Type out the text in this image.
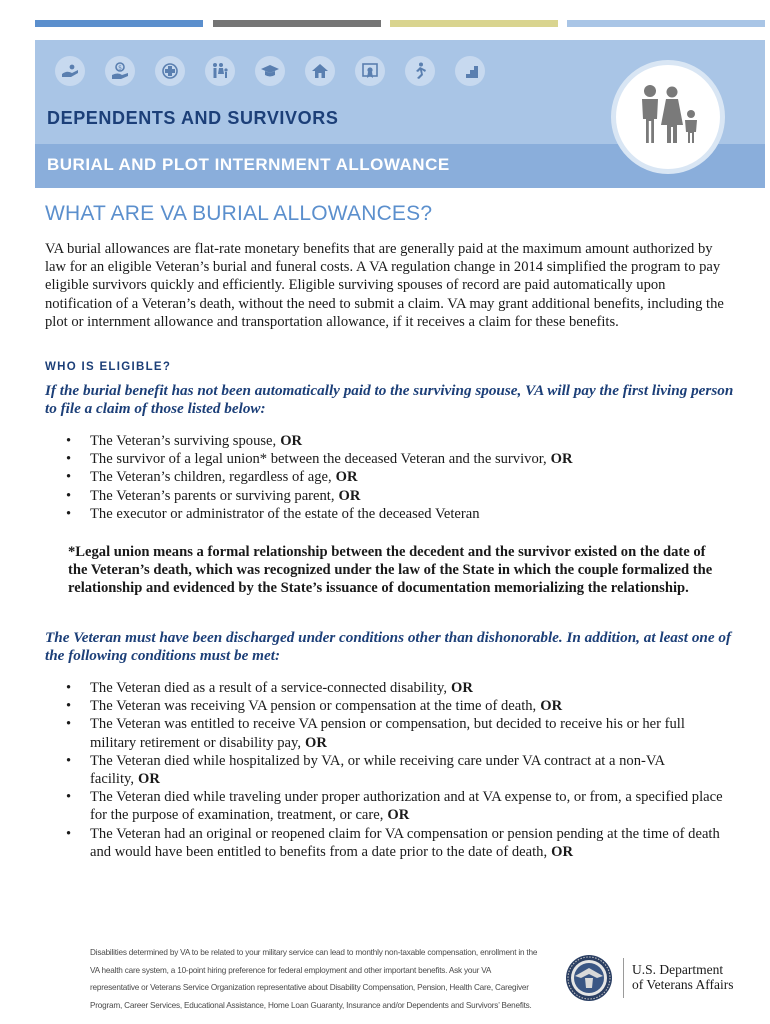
$
DEPENDENTS AND SURVIVORS
BURIAL AND PLOT INTERNMENT ALLOWANCE
WHAT ARE VA BURIAL ALLOWANCES?
VA burial allowances are flat-rate monetary benefits that are generally paid at the maximum amount authorized by law for an eligible Veteran’s burial and funeral costs. A VA regulation change in 2014 simplified the program to pay eligible survivors quickly and efficiently. Eligible surviving spouses of record are paid automatically upon notification of a Veteran’s death, without the need to submit a claim. VA may grant additional benefits, including the plot or internment allowance and transportation allowance, if it receives a claim for these benefits.
WHO IS ELIGIBLE?
If the burial benefit has not been automatically paid to the surviving spouse, VA will pay the first living person to file a claim of those listed below:
• The Veteran’s surviving spouse, OR
• The survivor of a legal union* between the deceased Veteran and the survivor, OR
• The Veteran’s children, regardless of age, OR
• The Veteran’s parents or surviving parent, OR
• The executor or administrator of the estate of the deceased Veteran
*Legal union means a formal relationship between the decedent and the survivor existed on the date of the Veteran’s death, which was recognized under the law of the State in which the couple formalized the relationship and evidenced by the State’s issuance of documentation memorializing the relationship.
The Veteran must have been discharged under conditions other than dishonorable. In addition, at least one of the following conditions must be met:
• The Veteran died as a result of a service-connected disability, OR
• The Veteran was receiving VA pension or compensation at the time of death, OR
• The Veteran was entitled to receive VA pension or compensation, but decided to receive his or her full military retirement or disability pay, OR
• The Veteran died while hospitalized by VA, or while receiving care under VA contract at a non-VA facility, OR
• The Veteran died while traveling under proper authorization and at VA expense to, or from, a specified place for the purpose of examination, treatment, or care, OR
• The Veteran had an original or reopened claim for VA compensation or pension pending at the time of death and would have been entitled to benefits from a date prior to the date of death, OR
Disabilities determined by VA to be related to your military service can lead to monthly non-taxable compensation, enrollment in the
VA health care system, a 10-point hiring preference for federal employment and other important benefits. Ask your VA
representative or Veterans Service Organization representative about Disability Compensation, Pension, Health Care, Caregiver
Program, Career Services, Educational Assistance, Home Loan Guaranty, Insurance and/or Dependents and Survivors’ Benefits.
U.S. Department
of Veterans Affairs
